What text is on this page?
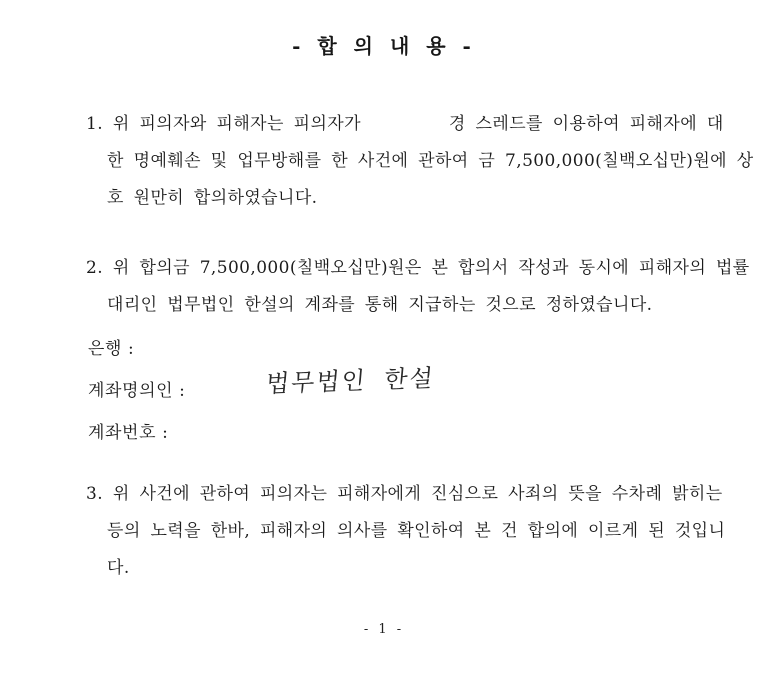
- 합 의 내 용 -
1. 위 피의자와 피해자는 피의자가	경 스레드를 이용하여 피해자에 대
한 명예훼손 및 업무방해를 한 사건에 관하여 금 7,500,000(칠백오십만)원에 상
호 원만히 합의하였습니다.
2. 위 합의금 7,500,000(칠백오십만)원은 본 합의서 작성과 동시에 피해자의 법률
대리인 법무법인 한설의 계좌를 통해 지급하는 것으로 정하였습니다.
은행 :
계좌명의인 :	법무법인 한설
계좌번호 :
3. 위 사건에 관하여 피의자는 피해자에게 진심으로 사죄의 뜻을 수차례 밝히는
등의 노력을 한바, 피해자의 의사를 확인하여 본 건 합의에 이르게 된 것입니
다.
- 1 -
